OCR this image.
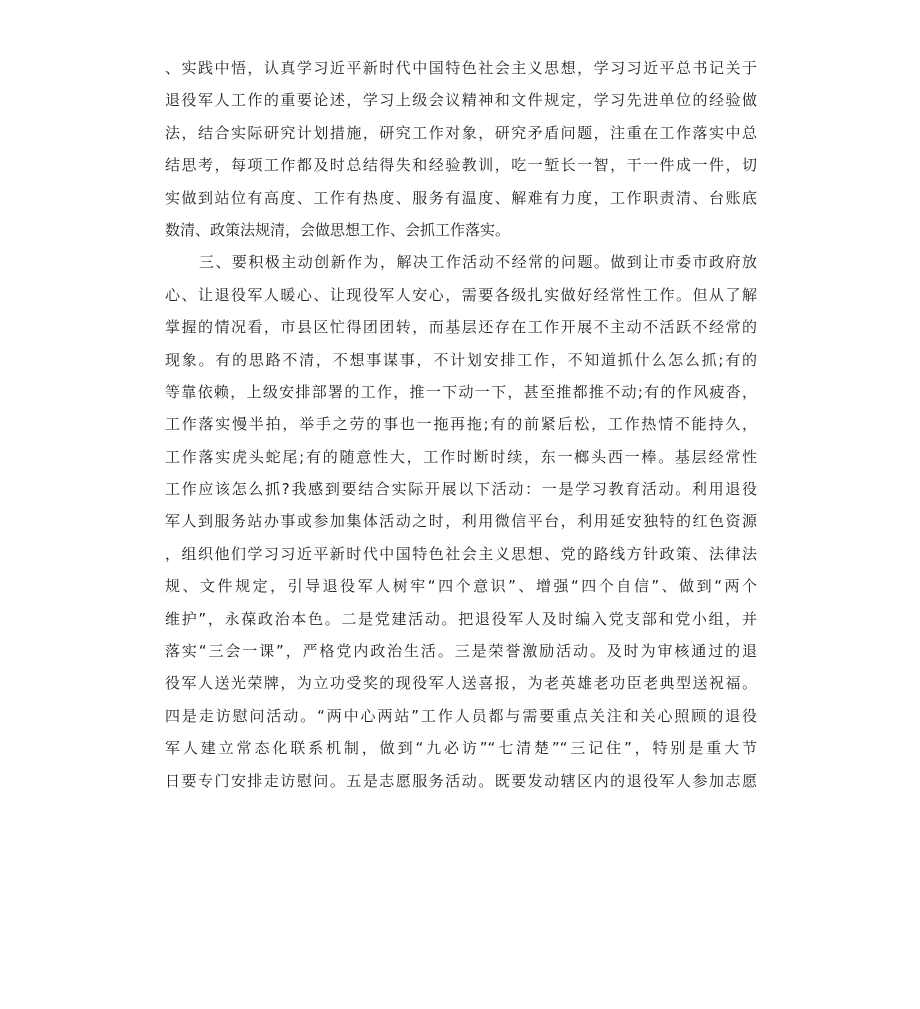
、实践中悟，认真学习近平新时代中国特色社会主义思想，学习习近平总书记关于
退役军人工作的重要论述，学习上级会议精神和文件规定，学习先进单位的经验做
法，结合实际研究计划措施，研究工作对象，研究矛盾问题，注重在工作落实中总
结思考，每项工作都及时总结得失和经验教训，吃一堑长一智，干一件成一件，切
实做到站位有高度、工作有热度、服务有温度、解难有力度，工作职责清、台账底
数清、政策法规清，会做思想工作、会抓工作落实。
三、要积极主动创新作为，解决工作活动不经常的问题。做到让市委市政府放
心、让退役军人暖心、让现役军人安心，需要各级扎实做好经常性工作。但从了解
掌握的情况看，市县区忙得团团转，而基层还存在工作开展不主动不活跃不经常的
现象。有的思路不清，不想事谋事，不计划安排工作，不知道抓什么怎么抓;有的
等靠依赖，上级安排部署的工作，推一下动一下，甚至推都推不动;有的作风疲沓，
工作落实慢半拍，举手之劳的事也一拖再拖;有的前紧后松，工作热情不能持久，
工作落实虎头蛇尾;有的随意性大，工作时断时续，东一榔头西一棒。基层经常性
工作应该怎么抓?我感到要结合实际开展以下活动：一是学习教育活动。利用退役
军人到服务站办事或参加集体活动之时，利用微信平台，利用延安独特的红色资源
，组织他们学习习近平新时代中国特色社会主义思想、党的路线方针政策、法律法
规、文件规定，引导退役军人树牢“四个意识”、增强“四个自信”、做到“两个
维护”，永葆政治本色。二是党建活动。把退役军人及时编入党支部和党小组，并
落实“三会一课”，严格党内政治生活。三是荣誉激励活动。及时为审核通过的退
役军人送光荣牌，为立功受奖的现役军人送喜报，为老英雄老功臣老典型送祝福。
四是走访慰问活动。“两中心两站”工作人员都与需要重点关注和关心照顾的退役
军人建立常态化联系机制，做到“九必访”“七清楚”“三记住”，特别是重大节
日要专门安排走访慰问。五是志愿服务活动。既要发动辖区内的退役军人参加志愿
